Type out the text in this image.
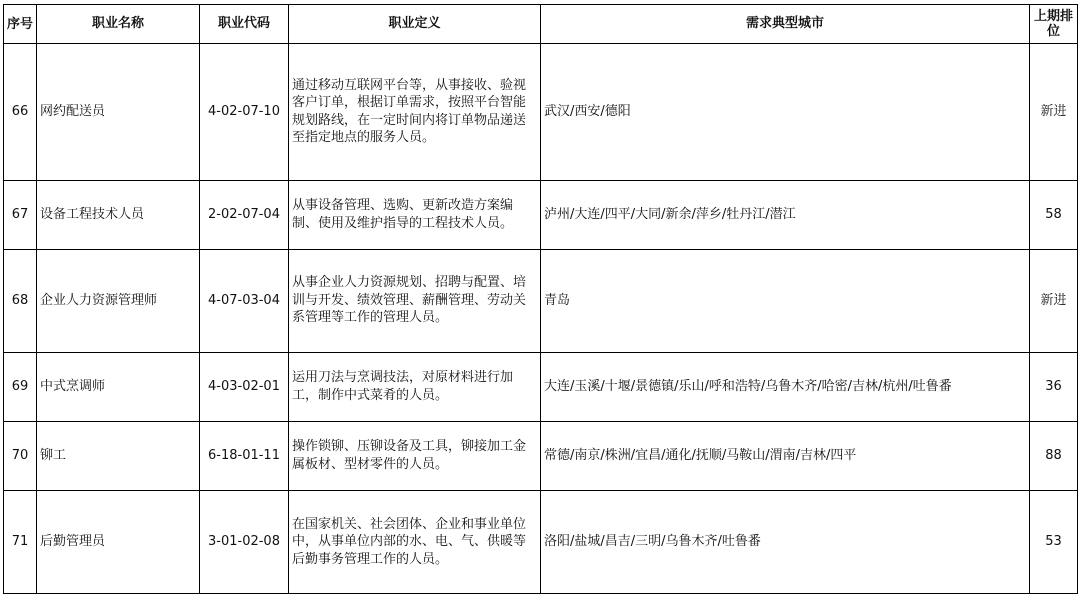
序号	职业名称	职业代码	职业定义	需求典型城市	上期排位
66	网约配送员	4-02-07-10	通过移动互联网平台等，从事接收、验视客户订单，根据订单需求，按照平台智能规划路线，在一定时间内将订单物品递送至指定地点的服务人员。	武汉/西安/德阳	新进
67	设备工程技术人员	2-02-07-04	从事设备管理、选购、更新改造方案编制、使用及维护指导的工程技术人员。	泸州/大连/四平/大同/新余/萍乡/牡丹江/潜江	58
68	企业人力资源管理师	4-07-03-04	从事企业人力资源规划、招聘与配置、培训与开发、绩效管理、薪酬管理、劳动关系管理等工作的管理人员。	青岛	新进
69	中式烹调师	4-03-02-01	运用刀法与烹调技法，对原材料进行加工，制作中式菜肴的人员。	大连/玉溪/十堰/景德镇/乐山/呼和浩特/乌鲁木齐/哈密/吉林/杭州/吐鲁番	36
70	铆工	6-18-01-11	操作锁铆、压铆设备及工具，铆接加工金属板材、型材零件的人员。	常德/南京/株洲/宜昌/通化/抚顺/马鞍山/渭南/吉林/四平	88
71	后勤管理员	3-01-02-08	在国家机关、社会团体、企业和事业单位中，从事单位内部的水、电、气、供暖等后勤事务管理工作的人员。	洛阳/盐城/昌吉/三明/乌鲁木齐/吐鲁番	53
